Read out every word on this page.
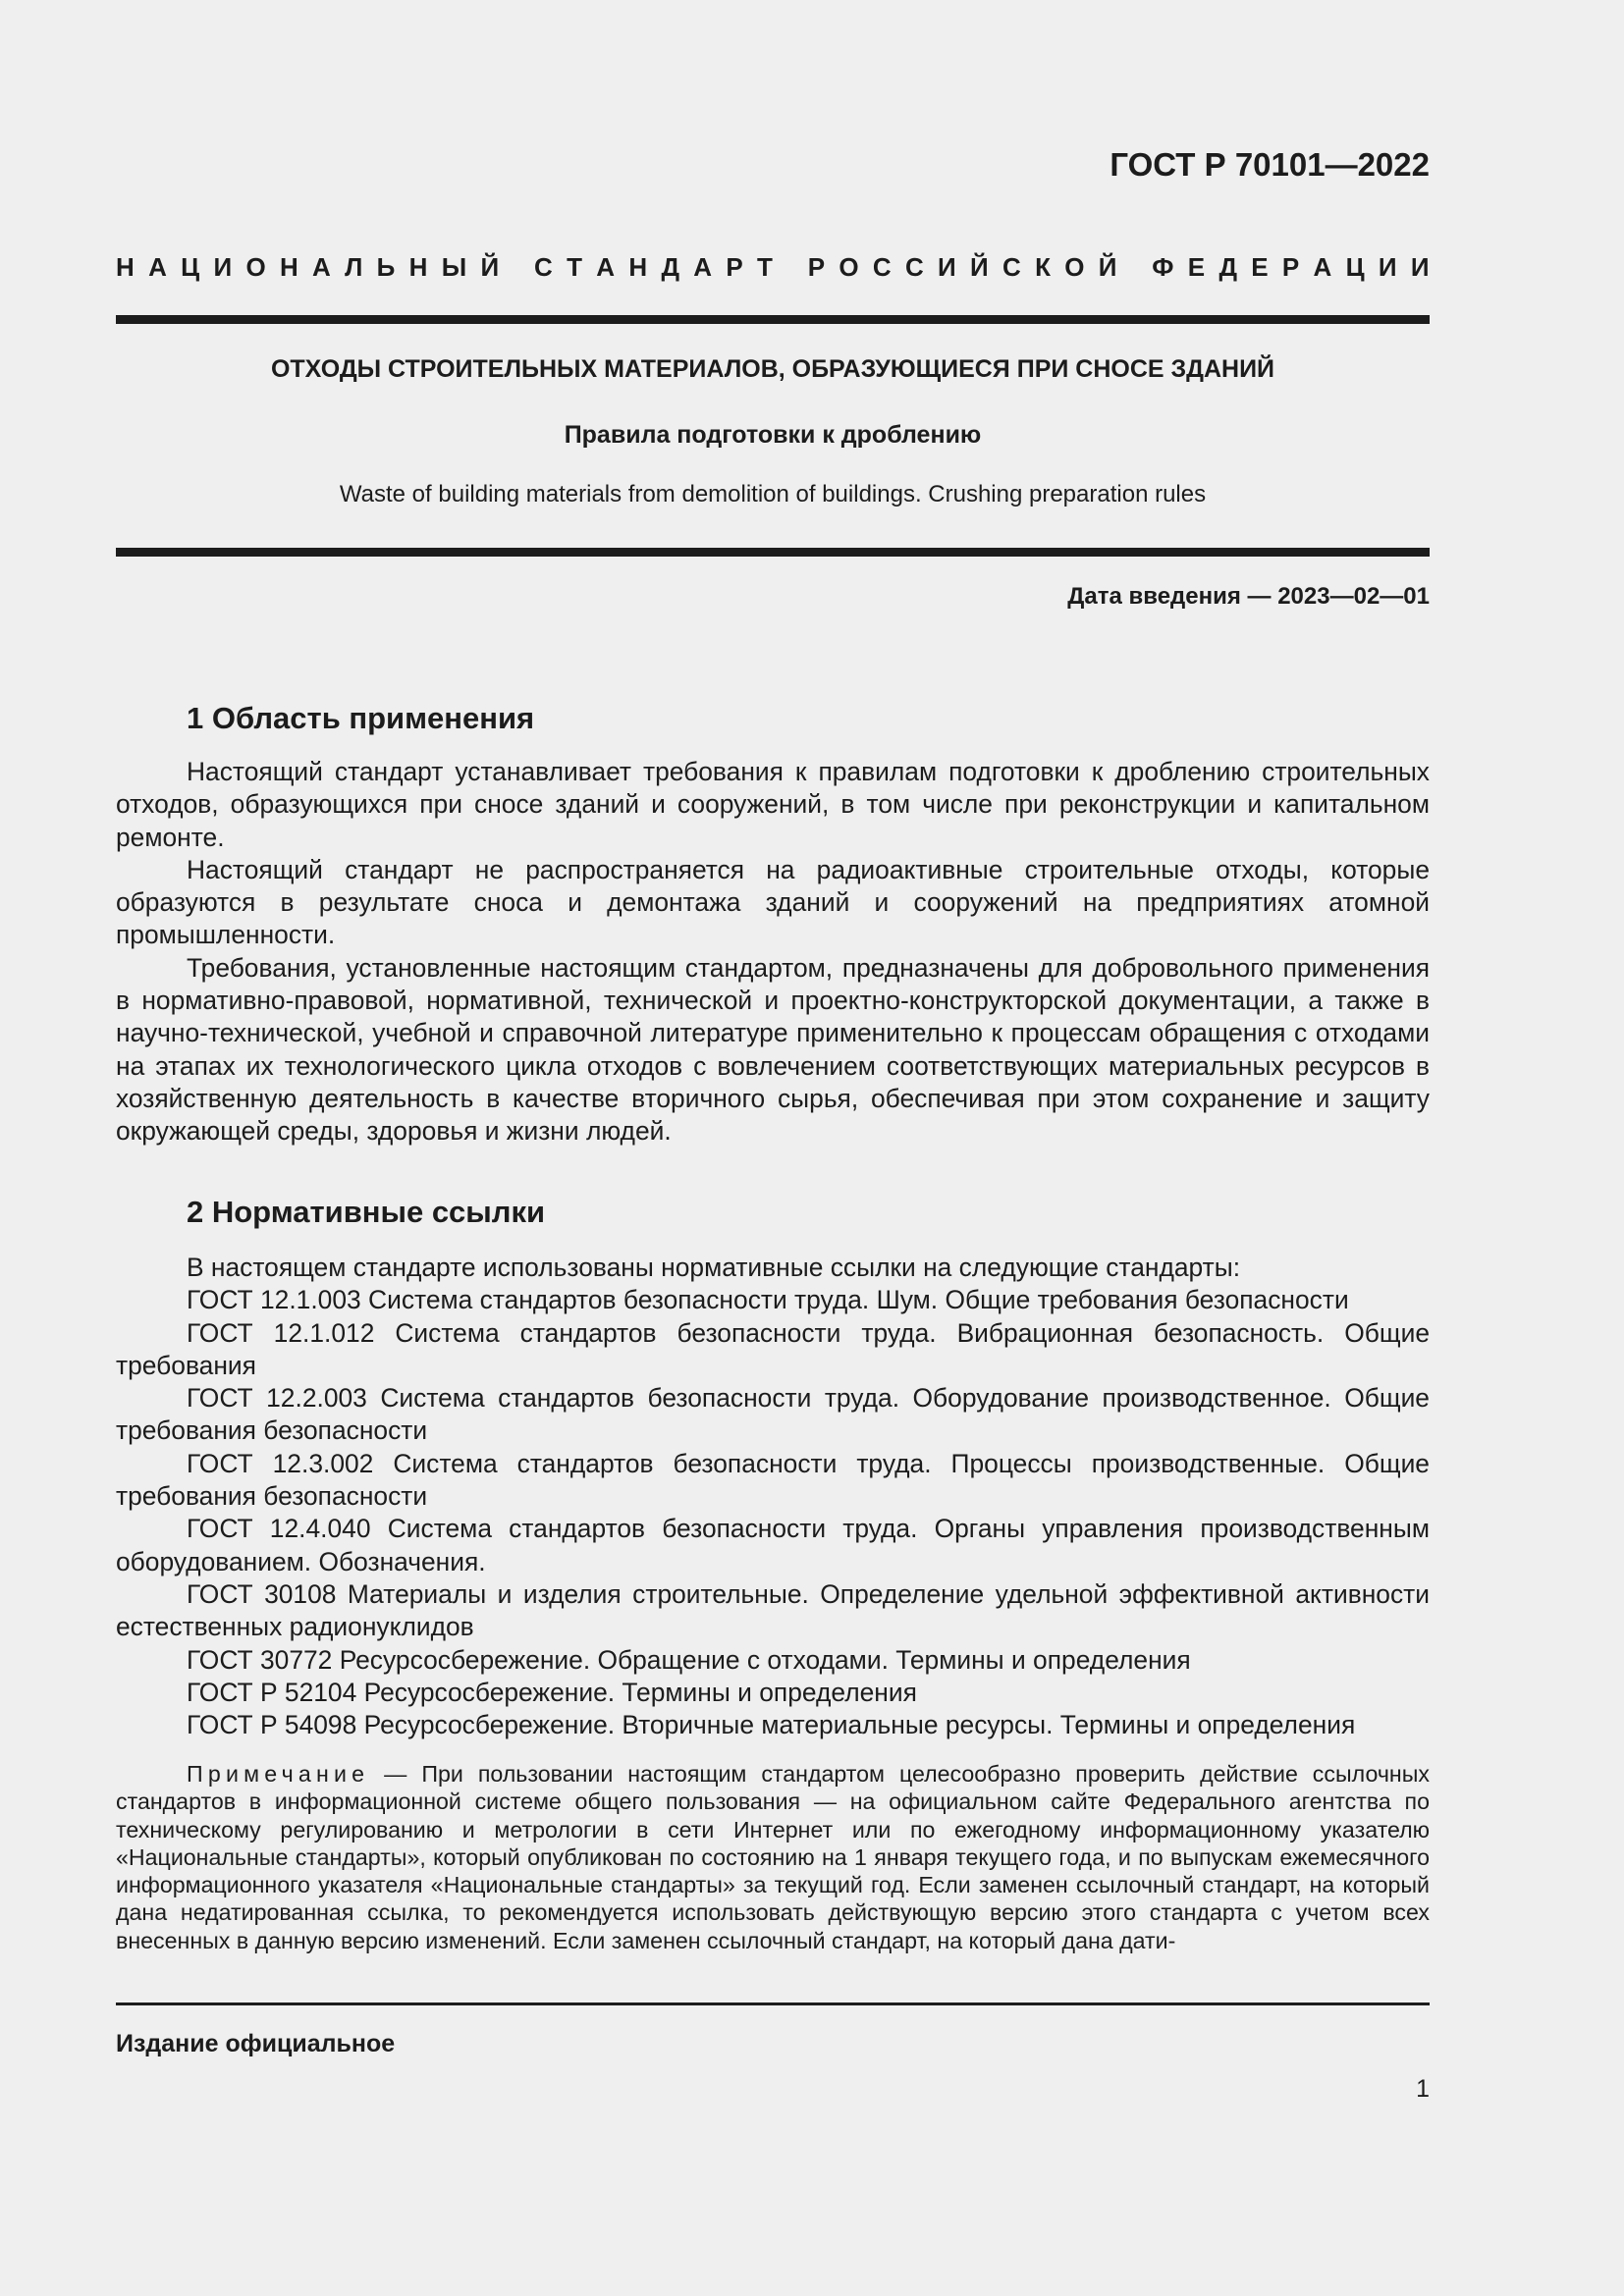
ГОСТ Р 70101—2022
Н А Ц И О Н А Л Ь Н Ы Й
С Т А Н Д А Р Т
Р О С С И Й С К О Й
Ф Е Д Е Р А Ц И И
ОТХОДЫ СТРОИТЕЛЬНЫХ МАТЕРИАЛОВ, ОБРАЗУЮЩИЕСЯ ПРИ СНОСЕ ЗДАНИЙ
Правила подготовки к дроблению
Waste of building materials from demolition of buildings. Crushing preparation rules
Дата введения — 2023—02—01
1 Область применения

Настоящий стандарт устанавливает требования к правилам подготовки к дроблению строительных отходов, образующихся при сносе зданий и сооружений, в том числе при реконструкции и капитальном ремонте.

Настоящий стандарт не распространяется на радиоактивные строительные отходы, которые образуются в результате сноса и демонтажа зданий и сооружений на предприятиях атомной промышленности.

Требования, установленные настоящим стандартом, предназначены для добровольного применения в нормативно-правовой, нормативной, технической и проектно-конструкторской документации, а также в научно-технической, учебной и справочной литературе применительно к процессам обращения с отходами на этапах их технологического цикла отходов с вовлечением соответствующих материальных ресурсов в хозяйственную деятельность в качестве вторичного сырья, обеспечивая при этом сохранение и защиту окружающей среды, здоровья и жизни людей.

2 Нормативные ссылки

В настоящем стандарте использованы нормативные ссылки на следующие стандарты:

ГОСТ 12.1.003 Система стандартов безопасности труда. Шум. Общие требования безопасности

ГОСТ 12.1.012 Система стандартов безопасности труда. Вибрационная безопасность. Общие требования

ГОСТ 12.2.003 Система стандартов безопасности труда. Оборудование производственное. Общие требования безопасности

ГОСТ 12.3.002 Система стандартов безопасности труда. Процессы производственные. Общие требования безопасности

ГОСТ 12.4.040 Система стандартов безопасности труда. Органы управления производственным оборудованием. Обозначения.

ГОСТ 30108 Материалы и изделия строительные. Определение удельной эффективной активности естественных радионуклидов

ГОСТ 30772 Ресурсосбережение. Обращение с отходами. Термины и определения

ГОСТ Р 52104 Ресурсосбережение. Термины и определения

ГОСТ Р 54098 Ресурсосбережение. Вторичные материальные ресурсы. Термины и определения

Примечание — При пользовании настоящим стандартом целесообразно проверить действие ссылочных стандартов в информационной системе общего пользования — на официальном сайте Федерального агентства по техническому регулированию и метрологии в сети Интернет или по ежегодному информационному указателю «Национальные стандарты», который опубликован по состоянию на 1 января текущего года, и по выпускам ежемесячного информационного указателя «Национальные стандарты» за текущий год. Если заменен ссылочный стандарт, на который дана недатированная ссылка, то рекомендуется использовать действующую версию этого стандарта с учетом всех внесенных в данную версию изменений. Если заменен ссылочный стандарт, на который дана дати-

Издание официальное
1
